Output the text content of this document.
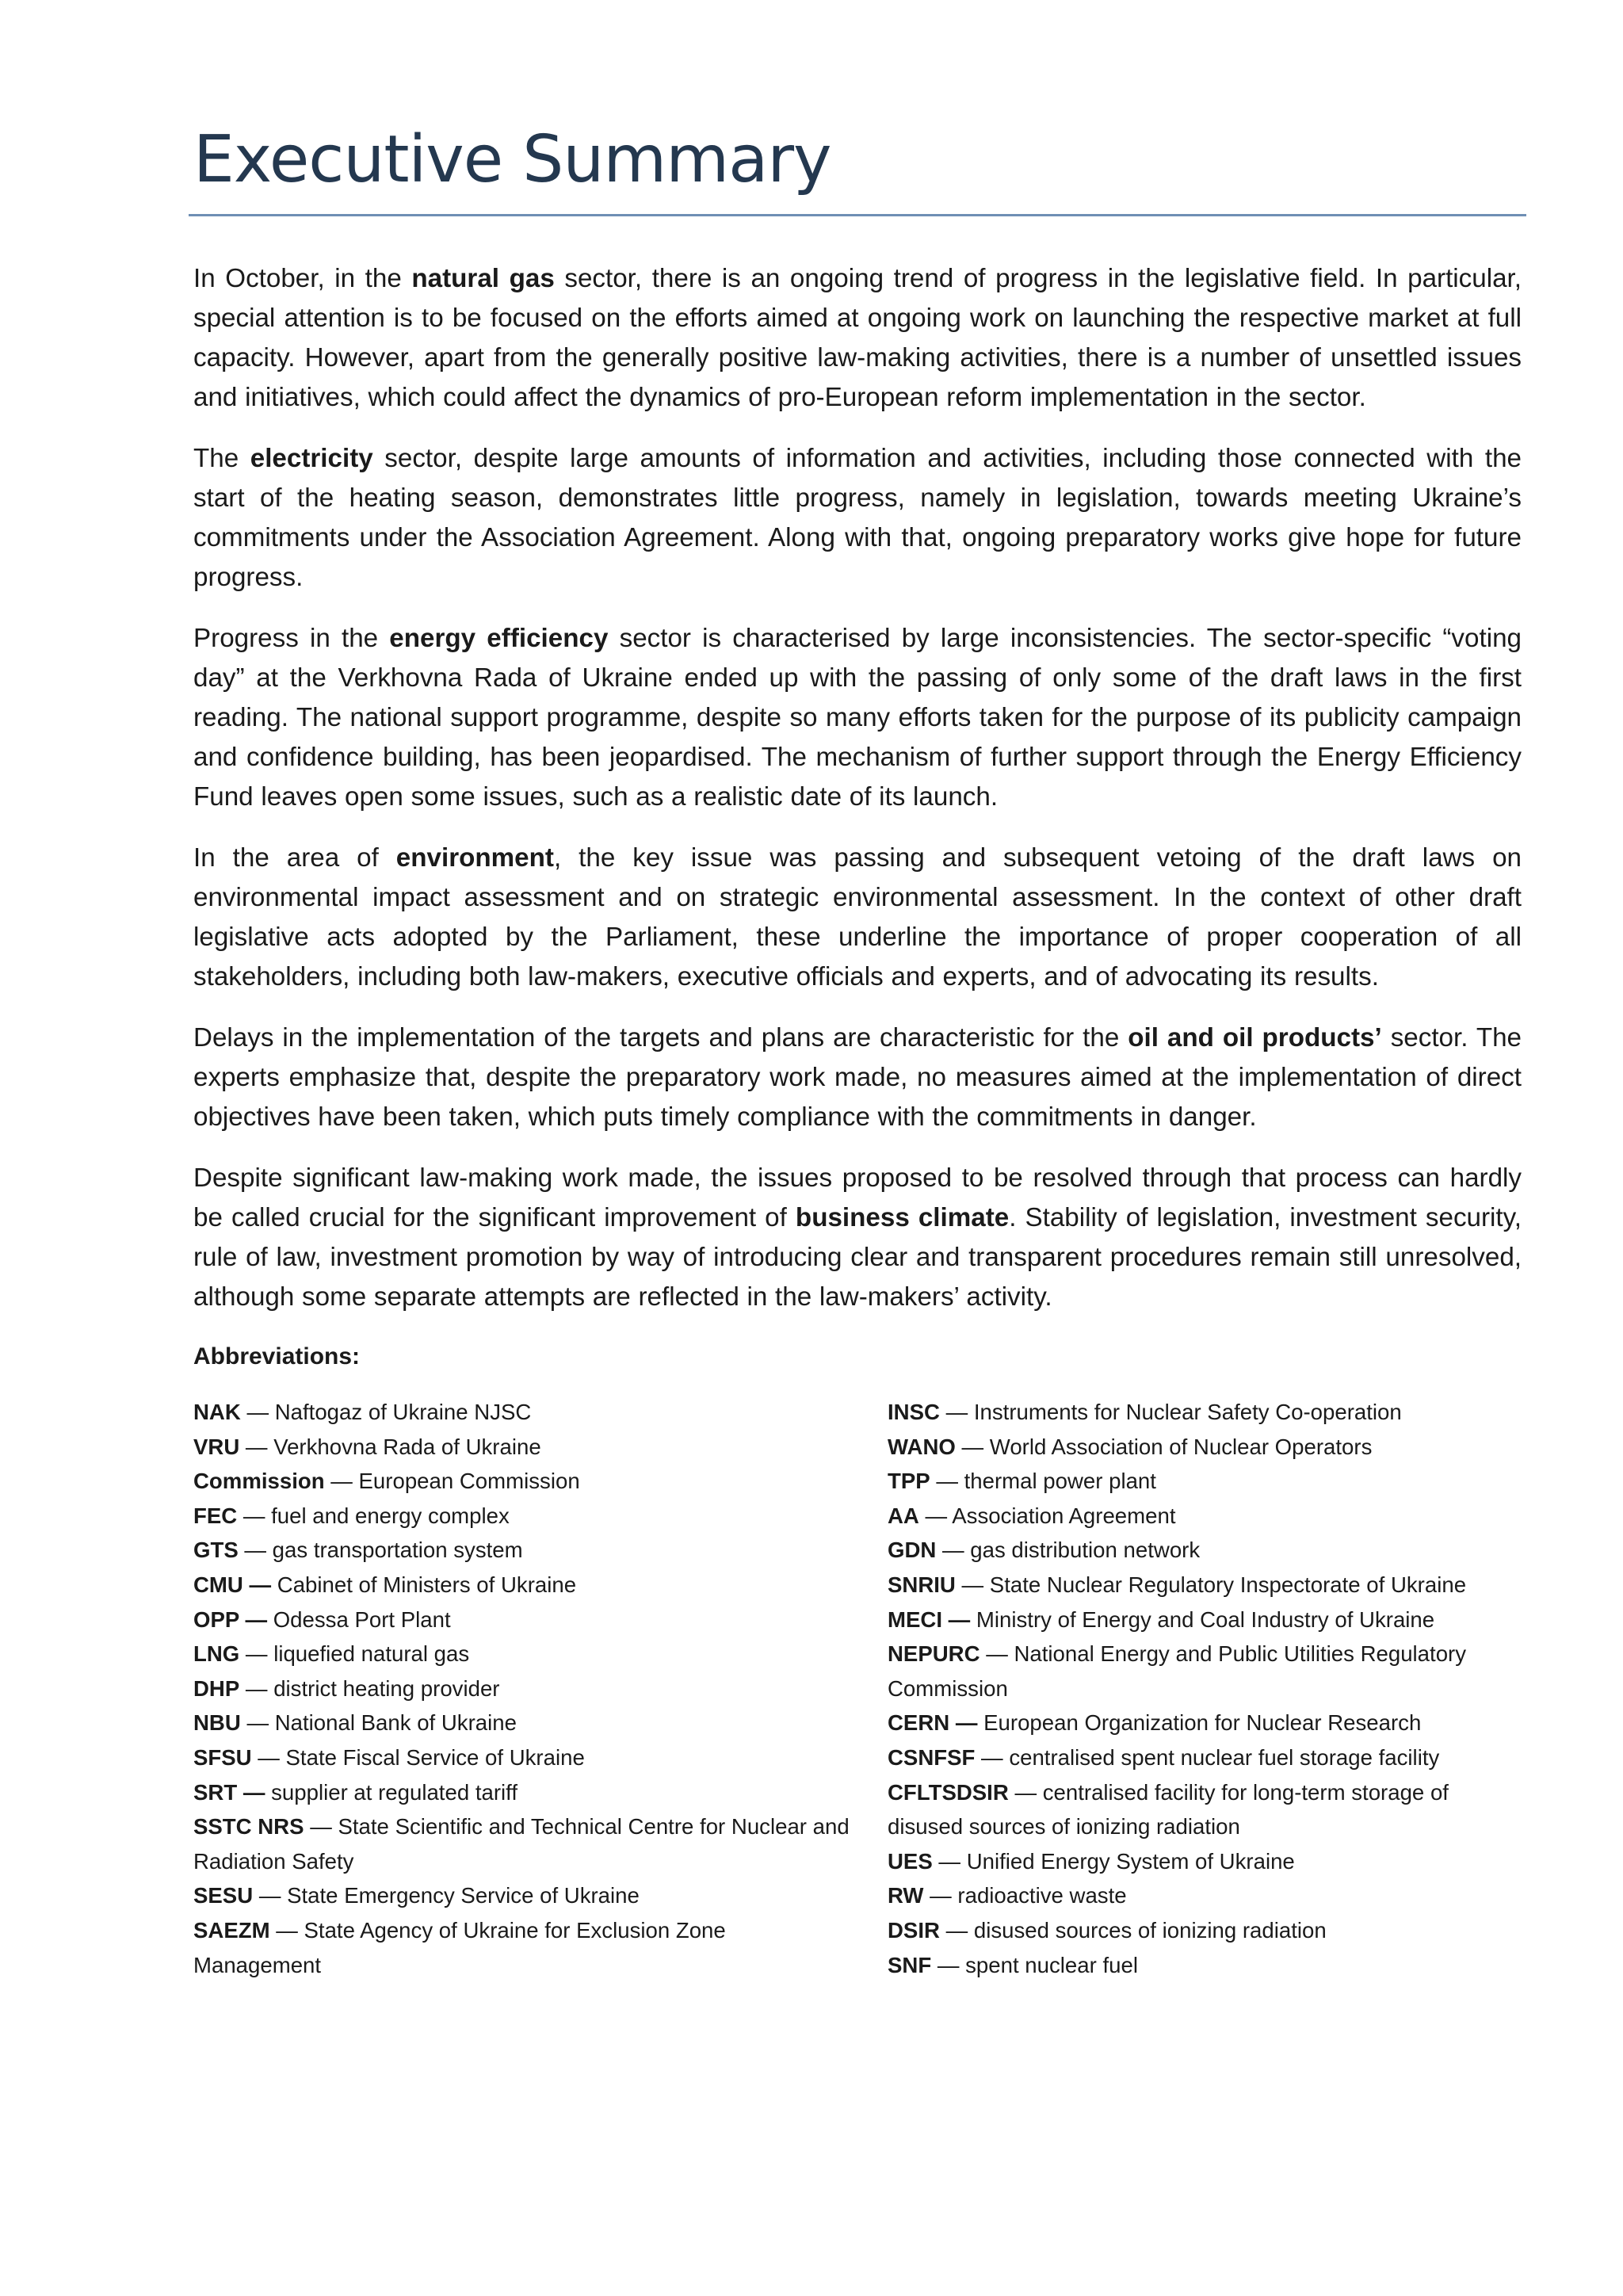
Executive Summary

In October, in the natural gas sector, there is an ongoing trend of progress in the legislative field. In particular, special attention is to be focused on the efforts aimed at ongoing work on launching the respective market at full capacity. However, apart from the generally positive law-making activities, there is a number of unsettled issues and initiatives, which could affect the dynamics of pro-European reform implementation in the sector.

The electricity sector, despite large amounts of information and activities, including those connected with the start of the heating season, demonstrates little progress, namely in legislation, towards meeting Ukraine’s commitments under the Association Agreement. Along with that, ongoing preparatory works give hope for future progress.

Progress in the energy efficiency sector is characterised by large inconsistencies. The sector-specific “voting day” at the Verkhovna Rada of Ukraine ended up with the passing of only some of the draft laws in the first reading. The national support programme, despite so many efforts taken for the purpose of its publicity campaign and confidence building, has been jeopardised. The mechanism of further support through the Energy Efficiency Fund leaves open some issues, such as a realistic date of its launch.

In the area of environment, the key issue was passing and subsequent vetoing of the draft laws on environmental impact assessment and on strategic environmental assessment. In the context of other draft legislative acts adopted by the Parliament, these underline the importance of proper cooperation of all stakeholders, including both law-makers, executive officials and experts, and of advocating its results.

Delays in the implementation of the targets and plans are characteristic for the oil and oil products’ sector. The experts emphasize that, despite the preparatory work made, no measures aimed at the implementation of direct objectives have been taken, which puts timely compliance with the commitments in danger.

Despite significant law-making work made, the issues proposed to be resolved through that process can hardly be called crucial for the significant improvement of business climate. Stability of legislation, investment security, rule of law, investment promotion by way of introducing clear and transparent procedures remain still unresolved, although some separate attempts are reflected in the law-makers’ activity.

Abbreviations:
NAK — Naftogaz of Ukraine NJSC
VRU — Verkhovna Rada of Ukraine
Commission — European Commission
FEC — fuel and energy complex
GTS — gas transportation system
CMU — Cabinet of Ministers of Ukraine
OPP — Odessa Port Plant
LNG — liquefied natural gas
DHP — district heating provider
NBU — National Bank of Ukraine
SFSU — State Fiscal Service of Ukraine
SRT — supplier at regulated tariff
SSTC NRS — State Scientific and Technical Centre for Nuclear and Radiation Safety
SESU — State Emergency Service of Ukraine
SAEZM — State Agency of Ukraine for Exclusion Zone Management
INSC — Instruments for Nuclear Safety Co-operation
WANO — World Association of Nuclear Operators
TPP — thermal power plant
AA — Association Agreement
GDN — gas distribution network
SNRIU — State Nuclear Regulatory Inspectorate of Ukraine
MECI — Ministry of Energy and Coal Industry of Ukraine
NEPURC — National Energy and Public Utilities Regulatory Commission
CERN — European Organization for Nuclear Research
CSNFSF — centralised spent nuclear fuel storage facility
CFLTSDSIR — centralised facility for long-term storage of disused sources of ionizing radiation
UES — Unified Energy System of Ukraine
RW — radioactive waste
DSIR — disused sources of ionizing radiation
SNF — spent nuclear fuel
